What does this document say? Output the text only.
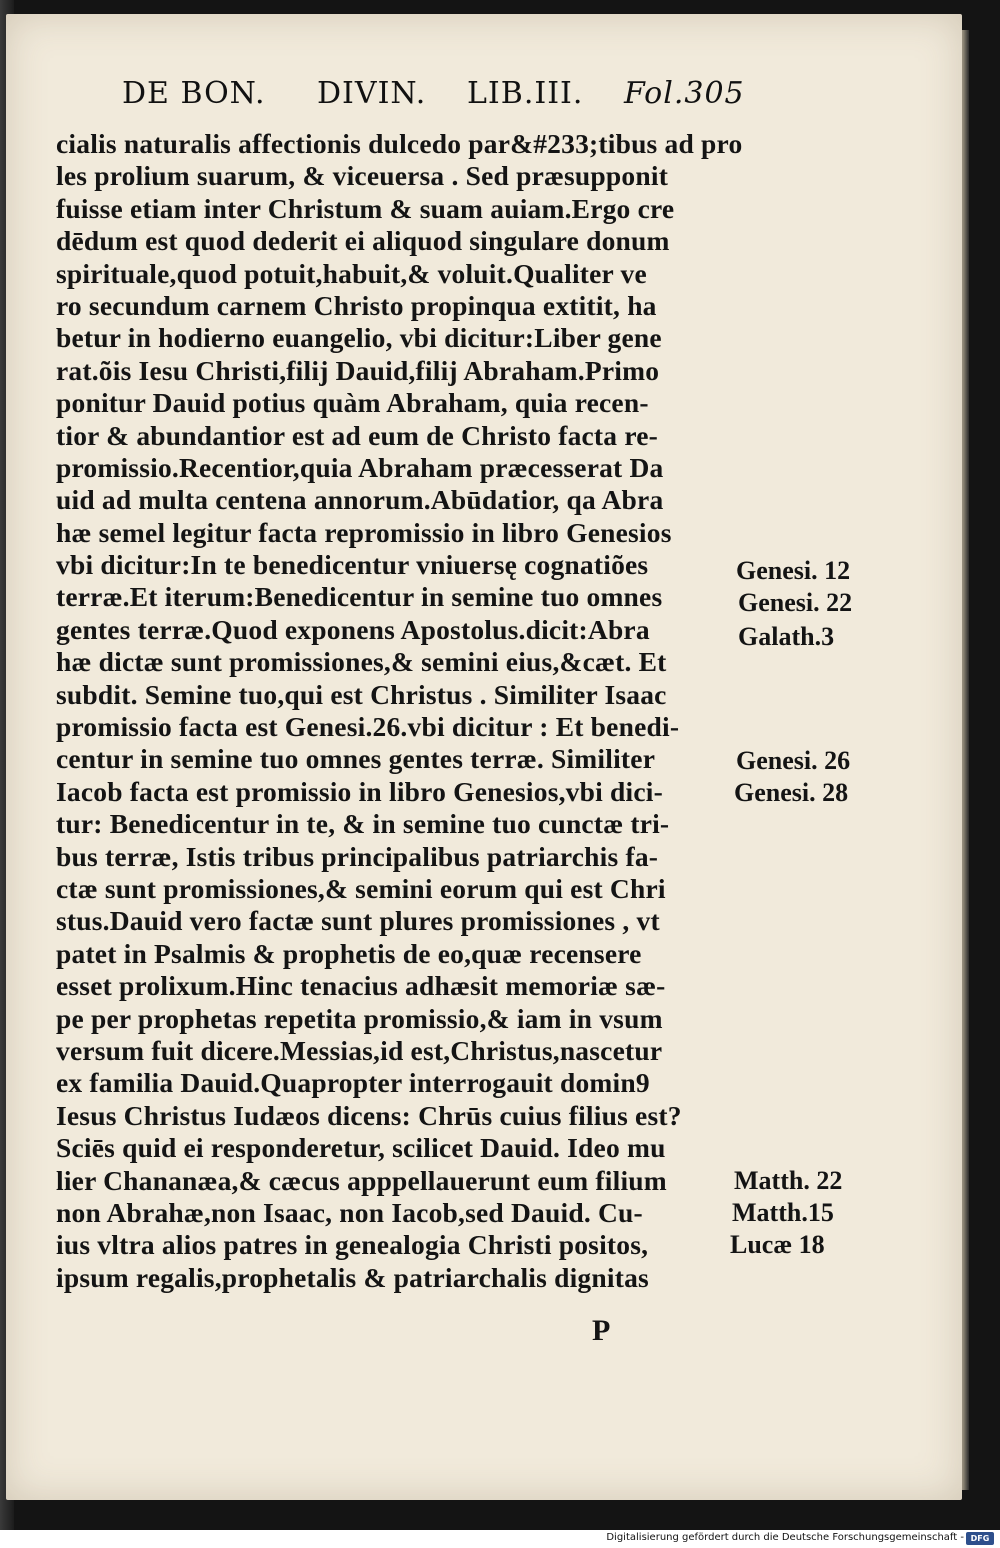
DE BON. DIVIN. LIB.III. Fol.305
cialis naturalis affectionis dulcedo par&#233;tibus ad pro
les prolium suarum, & viceuersa . Sed præsupponit
fuisse etiam inter Christum & suam auiam.Ergo cre
dēdum est quod dederit ei aliquod singulare donum
spirituale,quod potuit,habuit,& voluit.Qualiter ve
ro secundum carnem Christo propinqua extitit, ha
betur in hodierno euangelio, vbi dicitur:Liber gene
rat.õis Iesu Christi,filij Dauid,filij Abraham.Primo
ponitur Dauid potius quàm Abraham, quia recen-
tior & abundantior est ad eum de Christo facta re-
promissio.Recentior,quia Abraham præcesserat Da
uid ad multa centena annorum.Abūdatior, qa Abra
hæ semel legitur facta repromissio in libro Genesios
vbi dicitur:In te benedicentur vniuersę cognatiões
terræ.Et iterum:Benedicentur in semine tuo omnes
gentes terræ.Quod exponens Apostolus.dicit:Abra
hæ dictæ sunt promissiones,& semini eius,&cæt. Et
subdit. Semine tuo,qui est Christus . Similiter Isaac
promissio facta est Genesi.26.vbi dicitur : Et benedi-
centur in semine tuo omnes gentes terræ. Similiter
Iacob facta est promissio in libro Genesios,vbi dici-
tur: Benedicentur in te, & in semine tuo cunctæ tri-
bus terræ, Istis tribus principalibus patriarchis fa-
ctæ sunt promissiones,& semini eorum qui est Chri
stus.Dauid vero factæ sunt plures promissiones , vt
patet in Psalmis & prophetis de eo,quæ recensere
esset prolixum.Hinc tenacius adhæsit memoriæ sæ-
pe per prophetas repetita promissio,& iam in vsum
versum fuit dicere.Messias,id est,Christus,nascetur
ex familia Dauid.Quapropter interrogauit domin9
Iesus Christus Iudæos dicens: Chrūs cuius filius est?
Sciēs quid ei responderetur, scilicet Dauid. Ideo mu
lier Chananæa,& cæcus apppellauerunt eum filium
non Abrahæ,non Isaac, non Iacob,sed Dauid. Cu-
ius vltra alios patres in genealogia Christi positos,
ipsum regalis,prophetalis & patriarchalis dignitas
Genesi. 12
Genesi. 22
Galath.3
Genesi. 26
Genesi. 28
Matth. 22
Matth.15
Lucæ 18
P
Digitalisierung gefördert durch die Deutsche Forschungsgemeinschaft - DFG
